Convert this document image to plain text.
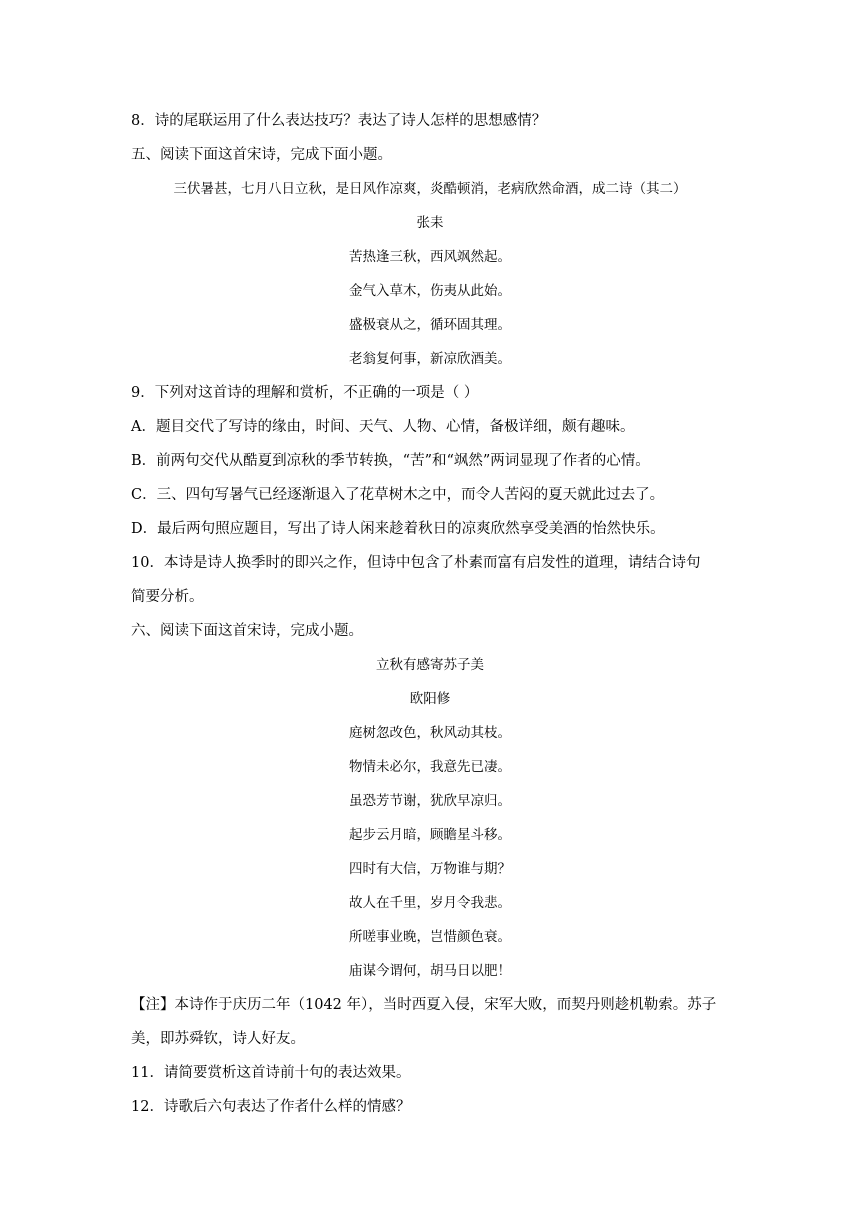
8．诗的尾联运用了什么表达技巧？表达了诗人怎样的思想感情？
五、阅读下面这首宋诗，完成下面小题。
三伏暑甚，七月八日立秋，是日风作凉爽，炎酷顿消，老病欣然命酒，成二诗（其二）
张耒
苦热逢三秋，西风飒然起。
金气入草木，伤夷从此始。
盛极衰从之，循环固其理。
老翁复何事，新凉欣酒美。
9．下列对这首诗的理解和赏析，不正确的一项是（ ）
A．题目交代了写诗的缘由，时间、天气、人物、心情，备极详细，颇有趣味。
B．前两句交代从酷夏到凉秋的季节转换，“苦”和“飒然”两词显现了作者的心情。
C．三、四句写暑气已经逐渐退入了花草树木之中，而令人苦闷的夏天就此过去了。
D．最后两句照应题目，写出了诗人闲来趁着秋日的凉爽欣然享受美酒的怡然快乐。
10．本诗是诗人换季时的即兴之作，但诗中包含了朴素而富有启发性的道理，请结合诗句
简要分析。
六、阅读下面这首宋诗，完成小题。
立秋有感寄苏子美
欧阳修
庭树忽改色，秋风动其枝。
物情未必尔，我意先已凄。
虽恐芳节谢，犹欣早凉归。
起步云月暗，顾瞻星斗移。
四时有大信，万物谁与期？
故人在千里，岁月令我悲。
所嗟事业晚，岂惜颜色衰。
庙谋今谓何，胡马日以肥！
【注】本诗作于庆历二年（1042 年），当时西夏入侵，宋军大败，而契丹则趁机勒索。苏子
美，即苏舜钦，诗人好友。
11．请简要赏析这首诗前十句的表达效果。
12．诗歌后六句表达了作者什么样的情感？
